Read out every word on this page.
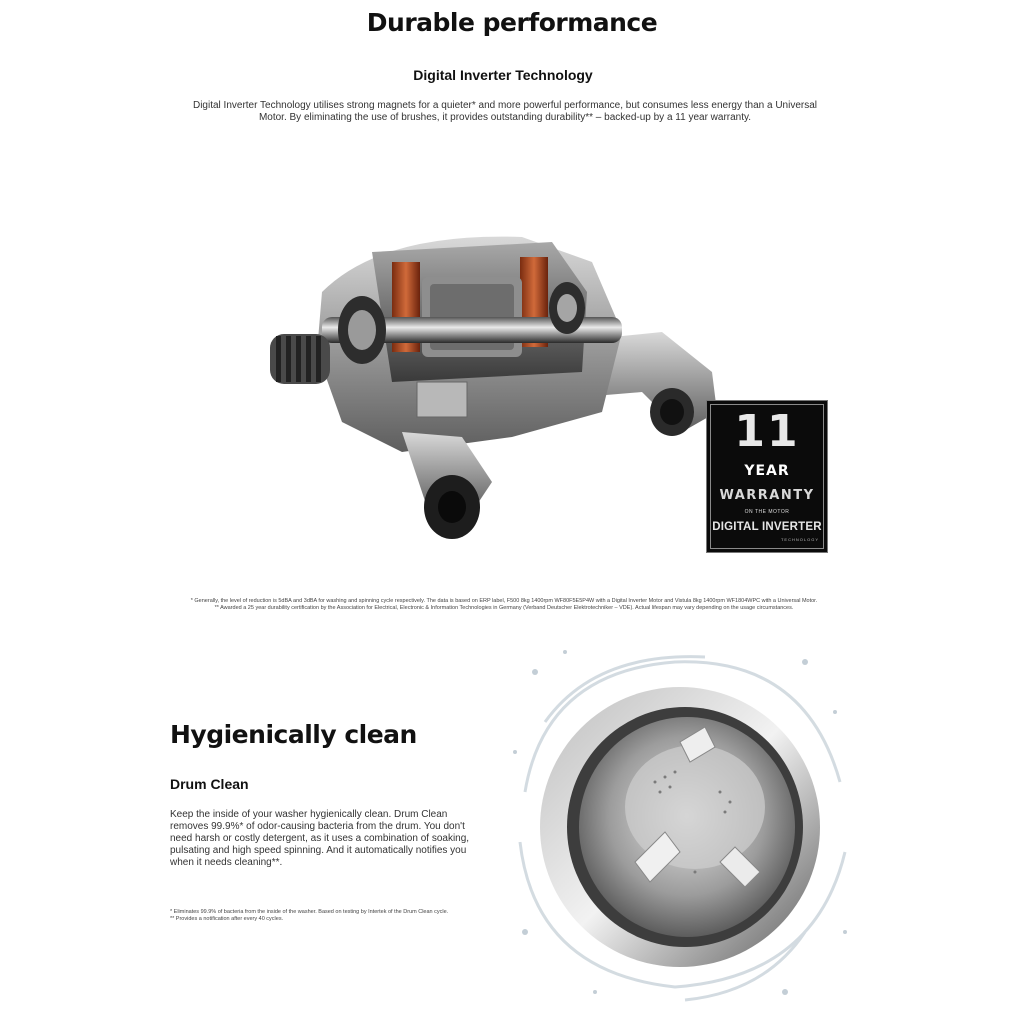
Durable performance
Digital Inverter Technology
Digital Inverter Technology utilises strong magnets for a quieter* and more powerful performance, but consumes less energy than a Universal Motor. By eliminating the use of brushes, it provides outstanding durability** – backed-up by a 11 year warranty.
11
YEAR
WARRANTY
ON THE MOTOR
DIGITAL INVERTER
TECHNOLOGY
* Generally, the level of reduction is 5dBA and 3dBA for washing and spinning cycle respectively. The data is based on ERP label, F500 8kg 1400rpm WF80F5E5P4W with a Digital Inverter Motor and Vistula 8kg 1400rpm WF1804WPC with a Universal Motor.
** Awarded a 25 year durability certification by the Association for Electrical, Electronic & Information Technologies in Germany (Verband Deutscher Elektrotechniker – VDE). Actual lifespan may vary depending on the usage circumstances.
Hygienically clean
Drum Clean
Keep the inside of your washer hygienically clean. Drum Clean removes 99.9%* of odor-causing bacteria from the drum. You don't need harsh or costly detergent, as it uses a combination of soaking, pulsating and high speed spinning. And it automatically notifies you when it needs cleaning**.
* Eliminates 99.9% of bacteria from the inside of the washer. Based on testing by Intertek of the Drum Clean cycle.
** Provides a notification after every 40 cycles.
